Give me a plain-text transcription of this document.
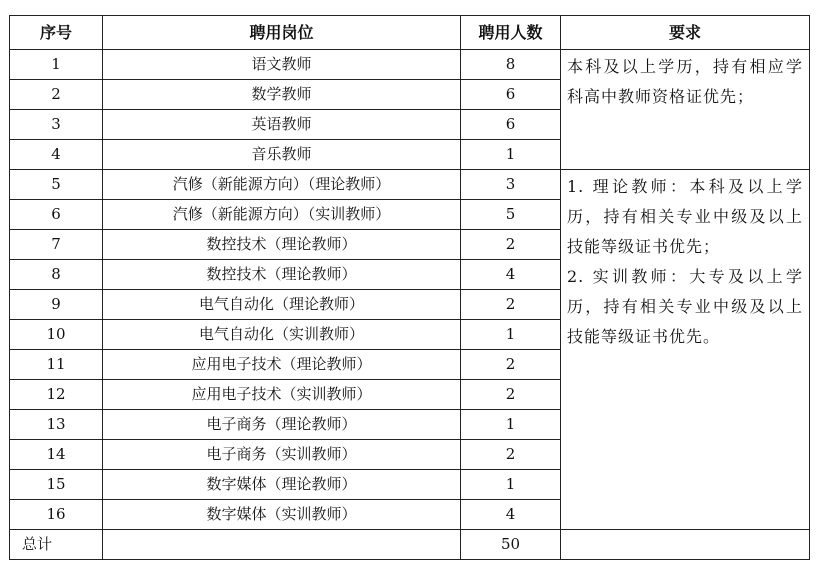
序号	聘用岗位	聘用人数	要求
1	语文教师	8	本科及以上学历，持有相应学科高中教师资格证优先；

2	数学教师	6	
3	英语教师	6	
4	音乐教师	1	
5	汽修（新能源方向）（理论教师）	3	1. 理论教师：本科及以上学历，持有相关专业中级及以上技能等级证书优先；

2. 实训教师：大专及以上学历，持有相关专业中级及以上技能等级证书优先。

6	汽修（新能源方向）（实训教师）	5	
7	数控技术（理论教师）	2	
8	数控技术（理论教师）	4	
9	电气自动化（理论教师）	2	
10	电气自动化（实训教师）	1	
11	应用电子技术（理论教师）	2	
12	应用电子技术（实训教师）	2	
13	电子商务（理论教师）	1	
14	电子商务（实训教师）	2	
15	数字媒体（理论教师）	1	
16	数字媒体（实训教师）	4	
总计		50	
